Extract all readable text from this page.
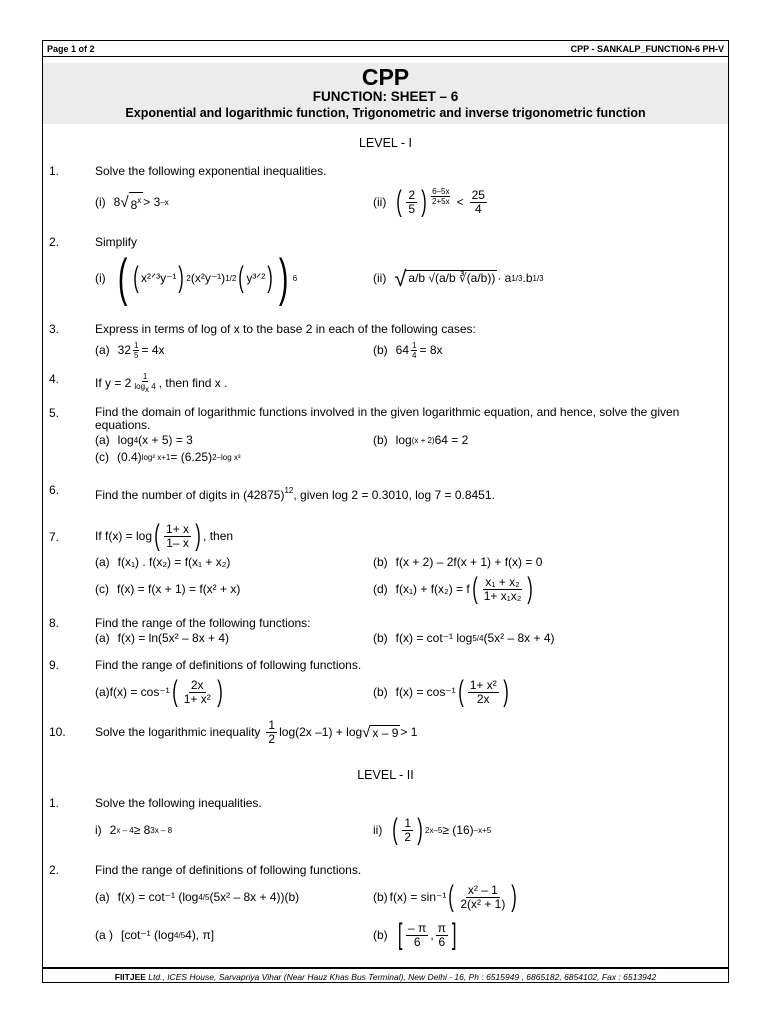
Page 1 of 2	CPP - SANKALP_FUNCTION-6 PH-V
CPP
FUNCTION: SHEET – 6
Exponential and logarithmic function, Trigonometric and inverse trigonometric function
LEVEL - I
1.	Solve the following exponential inequalities.
(i) 8 √ $8^x > 3$ –x	(ii) ( $\frac{2}{5}$ ) $\frac{6-5x}{2+5x} < \frac{25}{4}$
2.	Simplify
(i) ( ( x²ᐟ³y⁻¹ ) 2 (x²y⁻¹) 1/2 ( y³ᐟ² ) ) 6	(ii) √ a/b √(a/b ∛(a/b)) · a 1/3 .b 1/3
3.	Express in terms of log of x to the base 2 in each of the following cases:
(a) $32 \frac{1}{5} = 4x$	(b) $64 \frac{1}{4} = 8x$
4.	If $y = 2 \frac{1}{\log_x 4}$ , then find x .
5.	Find the domain of logarithmic functions involved in the given logarithmic equation, and hence, solve the given equations.
(a) log 4 (x + 5) = 3	(b) log (x + 2) 64 = 2
(c) (0.4) log² x+1 = (6.25) 2–log x³
6.	Find the number of digits in $(42875)^{12}$, given log 2 = 0.3010, log 7 = 0.8451.
7.	If f(x) = log ( $\frac{1+ x}{1- x}$ ) , then
(a) f(x₁) . f(x₂) = f(x₁ + x₂)	(b) f(x + 2) – 2f(x + 1) + f(x) = 0
(c) f(x) = f(x + 1) = f(x² + x)	(d) f(x₁) + f(x₂) = f ( $\frac{\text{x₁ + x₂}}{\text{1+ x₁x₂}}$ )
8.	Find the range of the following functions:
(a) f(x) = ln(5x² – 8x + 4)	(b) f(x) = cot⁻¹ log 5/4 (5x² – 8x + 4)
9.	Find the range of definitions of following functions.
(a) f(x) = cos⁻¹ ( $\frac{2x}{\text{1+ x²}}$ )	(b) f(x) = cos⁻¹ ( $\frac{\text{1+ x²}}{2x}$ )
10. Solve the logarithmic inequality $\frac{1}{2} \log(2x$ –1) + log √ x – 9 > 1
LEVEL - II
1.	Solve the following inequalities.
i) 2 x – 4 ≥ 8 3x – 8	ii) ( $\frac{1}{2}$ ) 2x–5 ≥ (16) –x+5
2.	Find the range of definitions of following functions.
(a) f(x) = cot⁻¹ (log 4/5 (5x² – 8x + 4))(b)	(b) f(x) = sin⁻¹ ( $\frac{\text{x² – 1}}{\text{2(x² + 1)}}$ )
(a ) [cot⁻¹ (log 4/5 4), π]	(b) [ $\frac{- \pi}{6}$ , $\frac{\pi}{6}$ ]
FIITJEE Ltd., ICES House, Sarvapriya Vihar (Near Hauz Khas Bus Terminal), New Delhi - 16, Ph : 6515949 , 6865182, 6854102, Fax : 6513942
